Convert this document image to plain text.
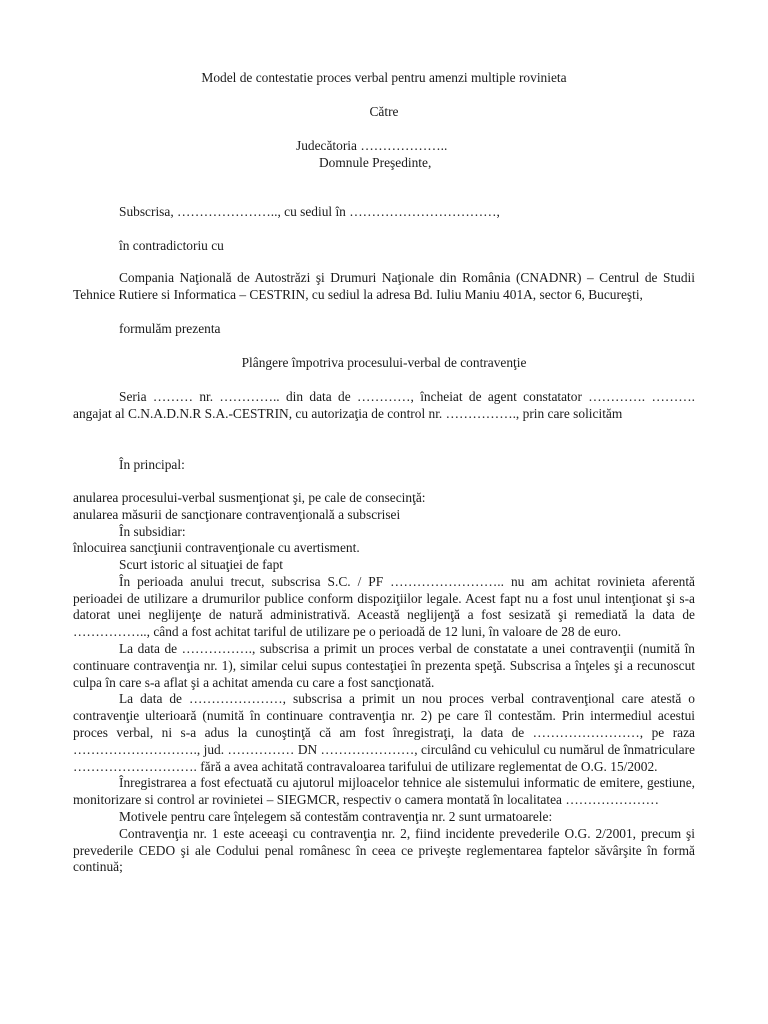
Model de contestatie proces verbal pentru amenzi multiple rovinieta
Către
Judecătoria ………………..
Domnule Preşedinte,
Subscrisa, ………………….., cu sediul în ……………………………,
în contradictoriu cu

Compania Naţională de Autostrăzi şi Drumuri Naţionale din România (CNADNR) – Centrul de Studii Tehnice Rutiere si Informatica – CESTRIN, cu sediul la adresa Bd. Iuliu Maniu 401A, sector 6, Bucureşti,

formulăm prezenta
Plângere împotriva procesului-verbal de contravenţie

Seria ……… nr. ………….. din data de …………, încheiat de agent constatator …………. ………. angajat al C.N.A.D.N.R S.A.-CESTRIN, cu autorizaţia de control nr. ……………., prin care solicităm

În principal:
anularea procesului-verbal susmenţionat şi, pe cale de consecinţă:
anularea măsurii de sancţionare contravenţională a subscrisei
În subsidiar:
înlocuirea sancţiunii contravenţionale cu avertisment.

Scurt istoric al situaţiei de fapt

În perioada anului trecut, subscrisa S.C. / PF …………………….. nu am achitat rovinieta aferentă perioadei de utilizare a drumurilor publice conform dispoziţiilor legale. Acest fapt nu a fost unul intenţionat şi s-a datorat unei neglijenţe de natură administrativă. Această neglijenţă a fost sesizată şi remediată la data de …………….., când a fost achitat tariful de utilizare pe o perioadă de 12 luni, în valoare de 28 de euro.

La data de ……………., subscrisa a primit un proces verbal de constatate a unei contravenţii (numită în continuare contravenţia nr. 1), similar celui supus contestaţiei în prezenta speţă. Subscrisa a înţeles şi a recunoscut culpa în care s-a aflat şi a achitat amenda cu care a fost sancţionată.

La data de …………………, subscrisa a primit un nou proces verbal contravenţional care atestă o contravenţie ulterioară (numită în continuare contravenţia nr. 2) pe care îl contestăm. Prin intermediul acestui proces verbal, ni s-a adus la cunoştinţă că am fost înregistraţi, la data de ……………………, pe raza ………………………., jud. …………… DN …………………, circulând cu vehiculul cu numărul de înmatriculare ………………………. fără a avea achitată contravaloarea tarifului de utilizare reglementat de O.G. 15/2002.

Înregistrarea a fost efectuată cu ajutorul mijloacelor tehnice ale sistemului informatic de emitere, gestiune, monitorizare si control ar rovinietei – SIEGMCR, respectiv o camera montată în localitatea …………………

Motivele pentru care înțelegem să contestăm contravenţia nr. 2 sunt urmatoarele:

Contravenţia nr. 1 este aceeaşi cu contravenţia nr. 2, fiind incidente prevederile O.G. 2/2001, precum şi prevederile CEDO şi ale Codului penal românesc în ceea ce priveşte reglementarea faptelor săvârşite în formă continuă;
